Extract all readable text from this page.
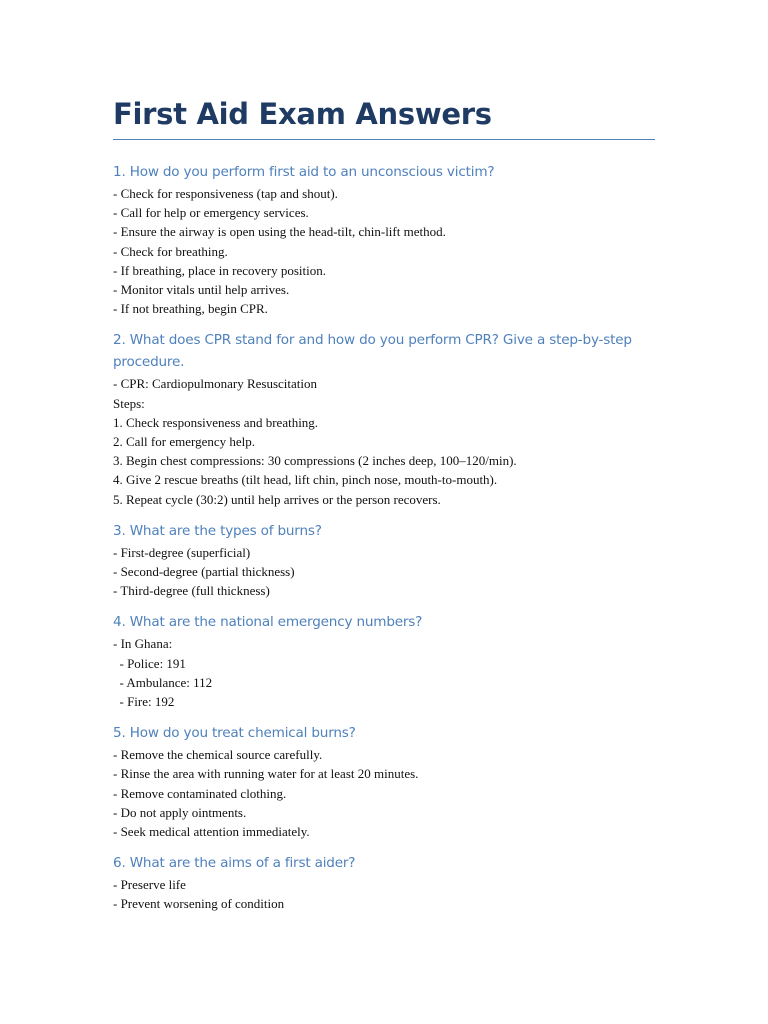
First Aid Exam Answers
1. How do you perform first aid to an unconscious victim?
- Check for responsiveness (tap and shout).
- Call for help or emergency services.
- Ensure the airway is open using the head-tilt, chin-lift method.
- Check for breathing.
- If breathing, place in recovery position.
- Monitor vitals until help arrives.
- If not breathing, begin CPR.
2. What does CPR stand for and how do you perform CPR? Give a step-by-step procedure.
- CPR: Cardiopulmonary Resuscitation
Steps:
1. Check responsiveness and breathing.
2. Call for emergency help.
3. Begin chest compressions: 30 compressions (2 inches deep, 100–120/min).
4. Give 2 rescue breaths (tilt head, lift chin, pinch nose, mouth-to-mouth).
5. Repeat cycle (30:2) until help arrives or the person recovers.
3. What are the types of burns?
- First-degree (superficial)
- Second-degree (partial thickness)
- Third-degree (full thickness)
4. What are the national emergency numbers?
- In Ghana:
- Police: 191
- Ambulance: 112
- Fire: 192
5. How do you treat chemical burns?
- Remove the chemical source carefully.
- Rinse the area with running water for at least 20 minutes.
- Remove contaminated clothing.
- Do not apply ointments.
- Seek medical attention immediately.
6. What are the aims of a first aider?
- Preserve life
- Prevent worsening of condition
